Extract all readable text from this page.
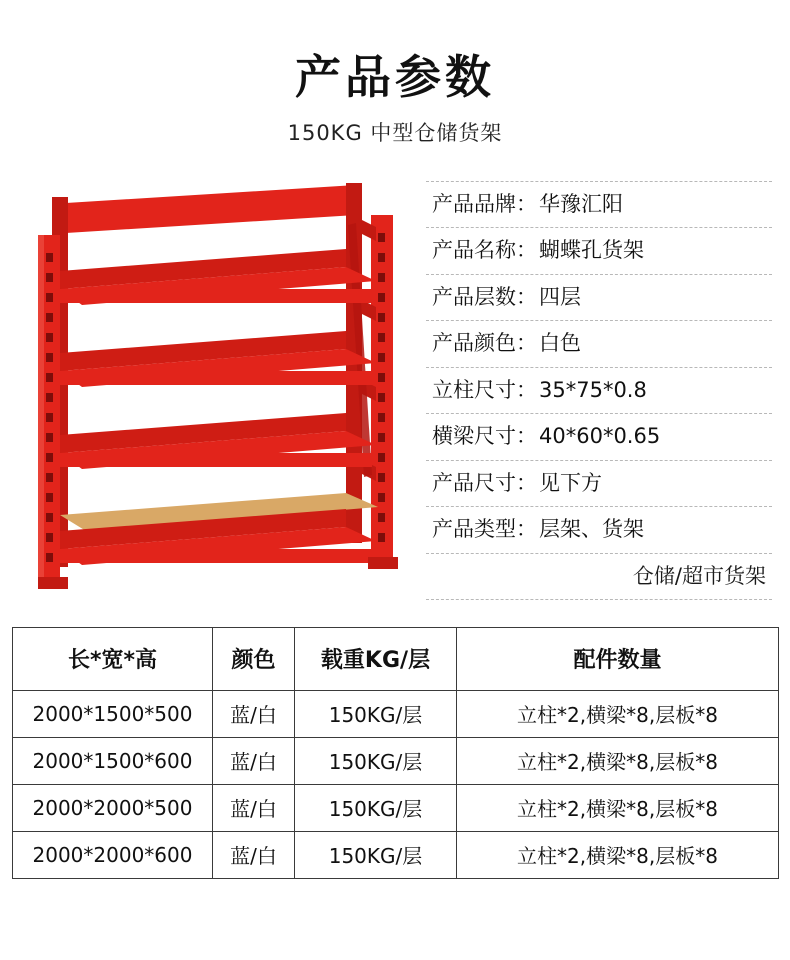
产品参数
150KG 中型仓储货架
产品品牌：华豫汇阳
产品名称：蝴蝶孔货架
产品层数：四层
产品颜色：白色
立柱尺寸：35*75*0.8
横梁尺寸：40*60*0.65
产品尺寸：见下方
产品类型：层架、货架
仓储/超市货架
长*宽*高	颜色	载重KG/层	配件数量
2000*1500*500	蓝/白	150KG/层	立柱*2,横梁*8,层板*8
2000*1500*600	蓝/白	150KG/层	立柱*2,横梁*8,层板*8
2000*2000*500	蓝/白	150KG/层	立柱*2,横梁*8,层板*8
2000*2000*600	蓝/白	150KG/层	立柱*2,横梁*8,层板*8
